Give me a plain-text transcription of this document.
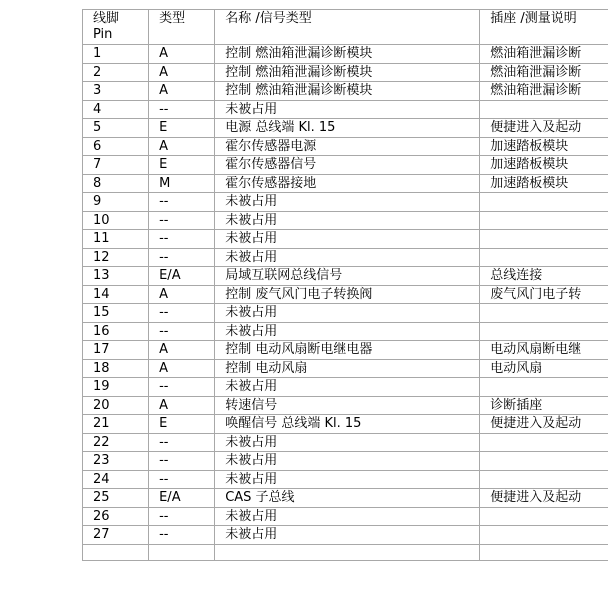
线脚
Pin	类型	名称 /信号类型	插座 /测量说明
1	A	控制 燃油箱泄漏诊断模块	燃油箱泄漏诊断
2	A	控制 燃油箱泄漏诊断模块	燃油箱泄漏诊断
3	A	控制 燃油箱泄漏诊断模块	燃油箱泄漏诊断
4	--	未被占用	
5	E	电源 总线端 Kl. 15	便捷进入及起动
6	A	霍尔传感器电源	加速踏板模块
7	E	霍尔传感器信号	加速踏板模块
8	M	霍尔传感器接地	加速踏板模块
9	--	未被占用	
10	--	未被占用	
11	--	未被占用	
12	--	未被占用	
13	E/A	局域互联网总线信号	总线连接
14	A	控制 废气风门电子转换阀	废气风门电子转
15	--	未被占用	
16	--	未被占用	
17	A	控制 电动风扇断电继电器	电动风扇断电继
18	A	控制 电动风扇	电动风扇
19	--	未被占用	
20	A	转速信号	诊断插座
21	E	唤醒信号 总线端 Kl. 15	便捷进入及起动
22	--	未被占用	
23	--	未被占用	
24	--	未被占用	
25	E/A	CAS 子总线	便捷进入及起动
26	--	未被占用	
27	--	未被占用	
